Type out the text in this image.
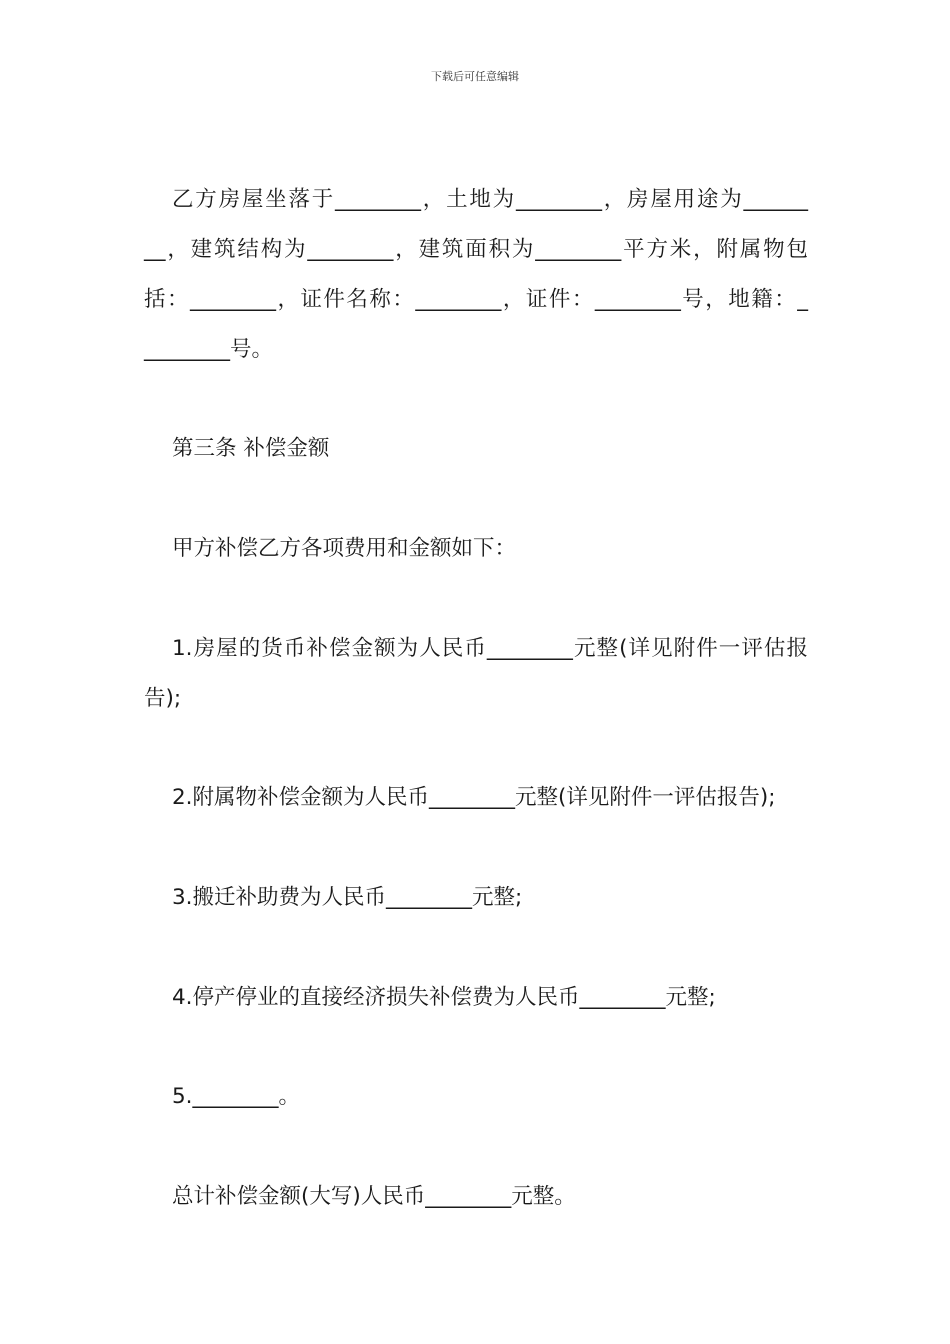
下载后可任意编辑
乙方房屋坐落于________，土地为________，房屋用途为______
__，建筑结构为________，建筑面积为________平方米，附属物包
括：________，证件名称：________，证件：________号，地籍：_
________号。
第三条 补偿金额
甲方补偿乙方各项费用和金额如下：
1.房屋的货币补偿金额为人民币________元整(详见附件一评估报
告);
2.附属物补偿金额为人民币________元整(详见附件一评估报告);
3.搬迁补助费为人民币________元整;
4.停产停业的直接经济损失补偿费为人民币________元整;
5.________。
总计补偿金额(大写)人民币________元整。
